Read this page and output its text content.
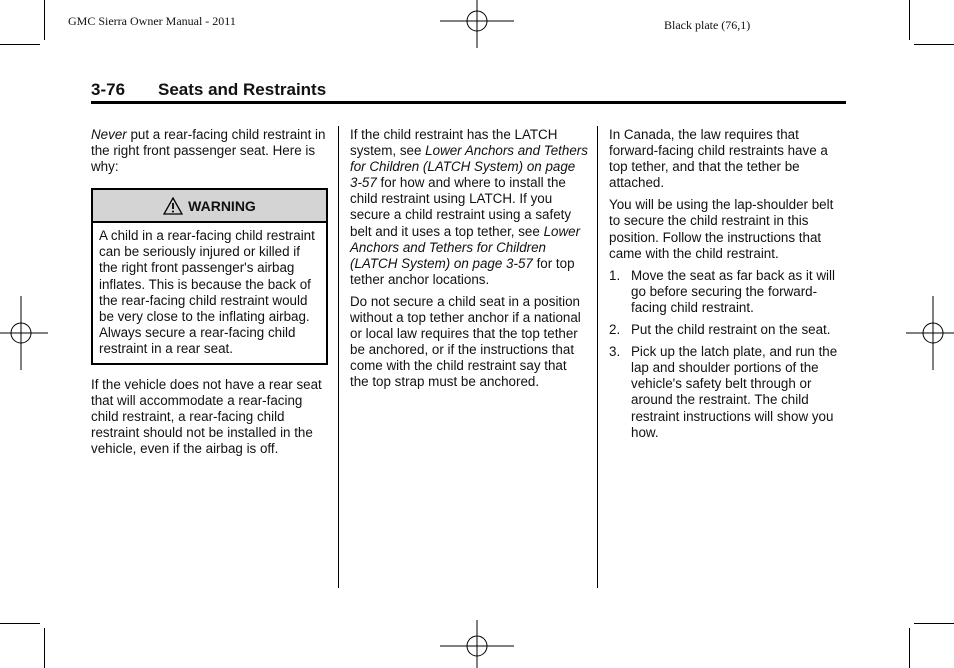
GMC Sierra Owner Manual - 2011	Black plate (76,1)
3-76 Seats and Restraints

Never put a rear-facing child restraint in the right front passenger seat. Here is why:

WARNING
A child in a rear-facing child restraint can be seriously injured or killed if the right front passenger's airbag inflates. This is because the back of the rear-facing child restraint would be very close to the inflating airbag. Always secure a rear-facing child restraint in a rear seat.

If the vehicle does not have a rear seat that will accommodate a rear-facing child restraint, a rear-facing child restraint should not be installed in the vehicle, even if the airbag is off.

If the child restraint has the LATCH system, see Lower Anchors and Tethers for Children (LATCH System) on page 3-57 for how and where to install the child restraint using LATCH. If you secure a child restraint using a safety belt and it uses a top tether, see Lower Anchors and Tethers for Children (LATCH System) on page 3-57 for top tether anchor locations.

Do not secure a child seat in a position without a top tether anchor if a national or local law requires that the top tether be anchored, or if the instructions that come with the child restraint say that the top strap must be anchored.

In Canada, the law requires that forward-facing child restraints have a top tether, and that the tether be attached.

You will be using the lap-shoulder belt to secure the child restraint in this position. Follow the instructions that came with the child restraint.

1. Move the seat as far back as it will go before securing the forward-facing child restraint.
2. Put the child restraint on the seat.
3. Pick up the latch plate, and run the lap and shoulder portions of the vehicle's safety belt through or around the restraint. The child restraint instructions will show you how.
